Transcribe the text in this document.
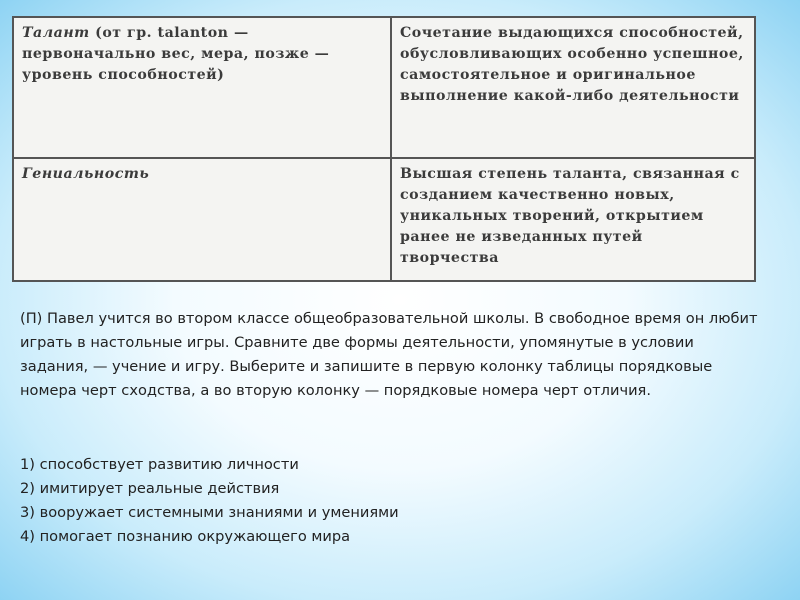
Талант (от гр. talanton — первоначально вес, мера, позже — уровень способностей)	Сочетание выдающихся способностей, обусловливающих особенно успешное, самостоятельное и оригинальное выполнение какой-либо деятельности
Гениальность	Высшая степень таланта, связанная с созданием качественно новых, уникальных творений, открытием ранее не изведанных путей творчества

(П) Павел учится во втором классе общеобразовательной школы. В свободное время он любит играть в настольные игры. Сравните две формы деятельности, упомянутые в условии задания, — учение и игру. Выберите и запишите в первую колонку таблицы порядковые номера черт сходства, а во вторую колонку — порядковые номера черт отличия.

1) способствует развитию личности
2) имитирует реальные действия
3) вооружает системными знаниями и умениями
4) помогает познанию окружающего мира
